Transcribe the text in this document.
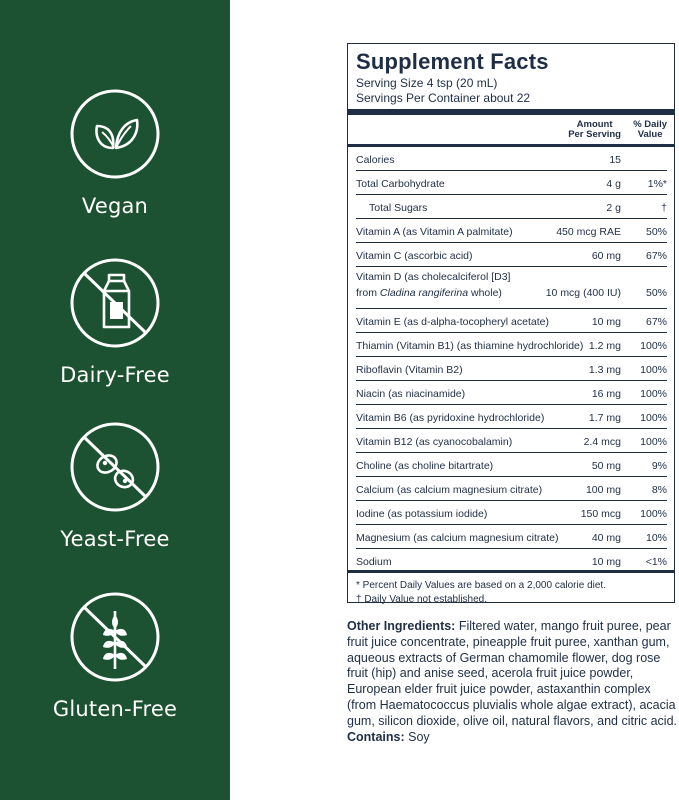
Vegan
Dairy-Free
Yeast-Free
Gluten-Free
Supplement Facts
Serving Size 4 tsp (20 mL)
Servings Per Container about 22
Amount
Per Serving
% Daily
Value
Calories	15
Total Carbohydrate	4 g	1%*
Total Sugars	2 g	†
Vitamin A (as Vitamin A palmitate)	450 mcg RAE 50%
Vitamin C (ascorbic acid)	60 mg 67%
Vitamin D (as cholecalciferol [D3]
from Cladina rangiferina whole)	10 mcg (400 IU) 50%
Vitamin E (as d-alpha-tocopheryl acetate)	10 mg 67%
Thiamin (Vitamin B1) (as thiamine hydrochloride) 1.2 mg 100%
Riboflavin (Vitamin B2)	1.3 mg 100%
Niacin (as niacinamide)	16 mg 100%
Vitamin B6 (as pyridoxine hydrochloride)	1.7 mg 100%
Vitamin B12 (as cyanocobalamin)	2.4 mcg 100%
Choline (as choline bitartrate)	50 mg	9%
Calcium (as calcium magnesium citrate)	100 mg	8%
Iodine (as potassium iodide)	150 mcg 100%
Magnesium (as calcium magnesium citrate)	40 mg 10%
Sodium	10 mg <1%
* Percent Daily Values are based on a 2,000 calorie diet.
† Daily Value not established.
Other Ingredients: Filtered water, mango fruit puree, pear fruit juice concentrate, pineapple fruit puree, xanthan gum, aqueous extracts of German chamomile flower, dog rose fruit (hip) and anise seed, acerola fruit juice powder, European elder fruit juice powder, astaxanthin complex (from Haematococcus pluvialis whole algae extract), acacia gum, silicon dioxide, olive oil, natural flavors, and citric acid. Contains: Soy
